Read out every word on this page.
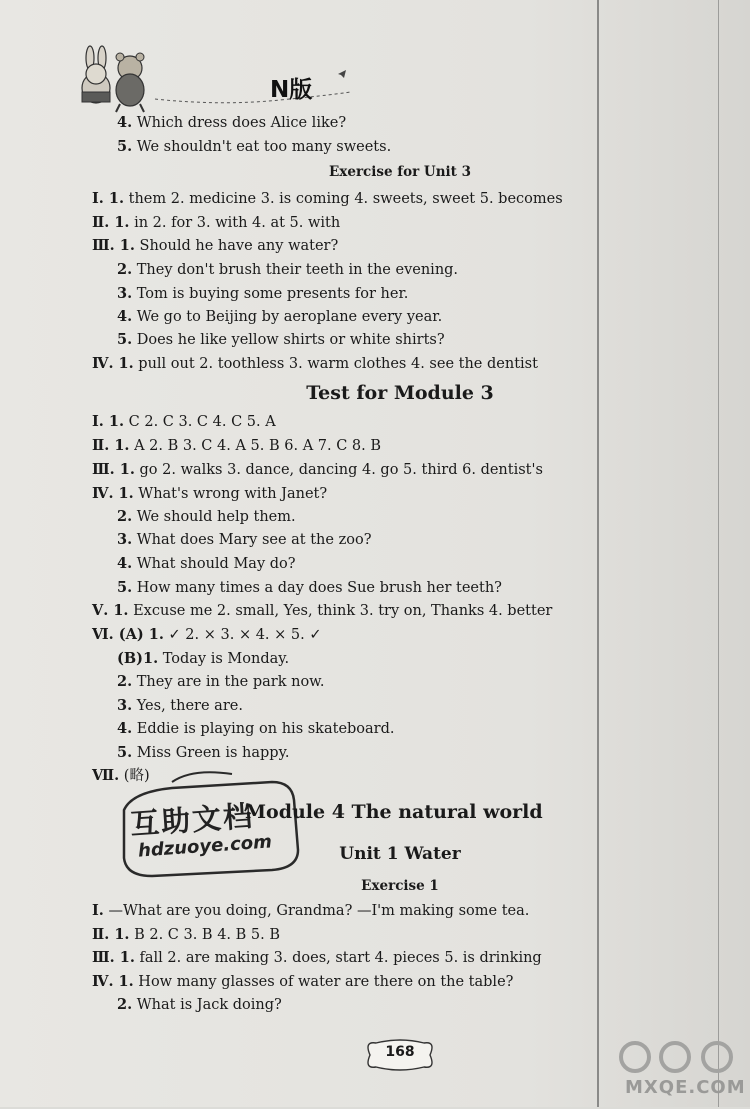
N版
4. Which dress does Alice like?
5. We shouldn't eat too many sweets.
Exercise for Unit 3
Ⅰ. 1. them 2. medicine 3. is coming 4. sweets, sweet 5. becomes
Ⅱ. 1. in 2. for 3. with 4. at 5. with
Ⅲ. 1. Should he have any water?
2. They don't brush their teeth in the evening.
3. Tom is buying some presents for her.
4. We go to Beijing by aeroplane every year.
5. Does he like yellow shirts or white shirts?
Ⅳ. 1. pull out 2. toothless 3. warm clothes 4. see the dentist
Test for Module 3
Ⅰ. 1. C 2. C 3. C 4. C 5. A
Ⅱ. 1. A 2. B 3. C 4. A 5. B 6. A 7. C 8. B
Ⅲ. 1. go 2. walks 3. dance, dancing 4. go 5. third 6. dentist's
Ⅳ. 1. What's wrong with Janet?
2. We should help them.
3. What does Mary see at the zoo?
4. What should May do?
5. How many times a day does Sue brush her teeth?
Ⅴ. 1. Excuse me 2. small, Yes, think 3. try on, Thanks 4. better
Ⅵ. (A) 1. ✓ 2. × 3. × 4. × 5. ✓
(B)1. Today is Monday.
2. They are in the park now.
3. Yes, there are.
4. Eddie is playing on his skateboard.
5. Miss Green is happy.
Ⅶ. (略)
互助文档
hdzuoye.com
Module 4 The natural world
Unit 1 Water
Exercise 1
Ⅰ. —What are you doing, Grandma? —I'm making some tea.
Ⅱ. 1. B 2. C 3. B 4. B 5. B
Ⅲ. 1. fall 2. are making 3. does, start 4. pieces 5. is drinking
Ⅳ. 1. How many glasses of water are there on the table?
2. What is Jack doing?
168
MXQE.COM
